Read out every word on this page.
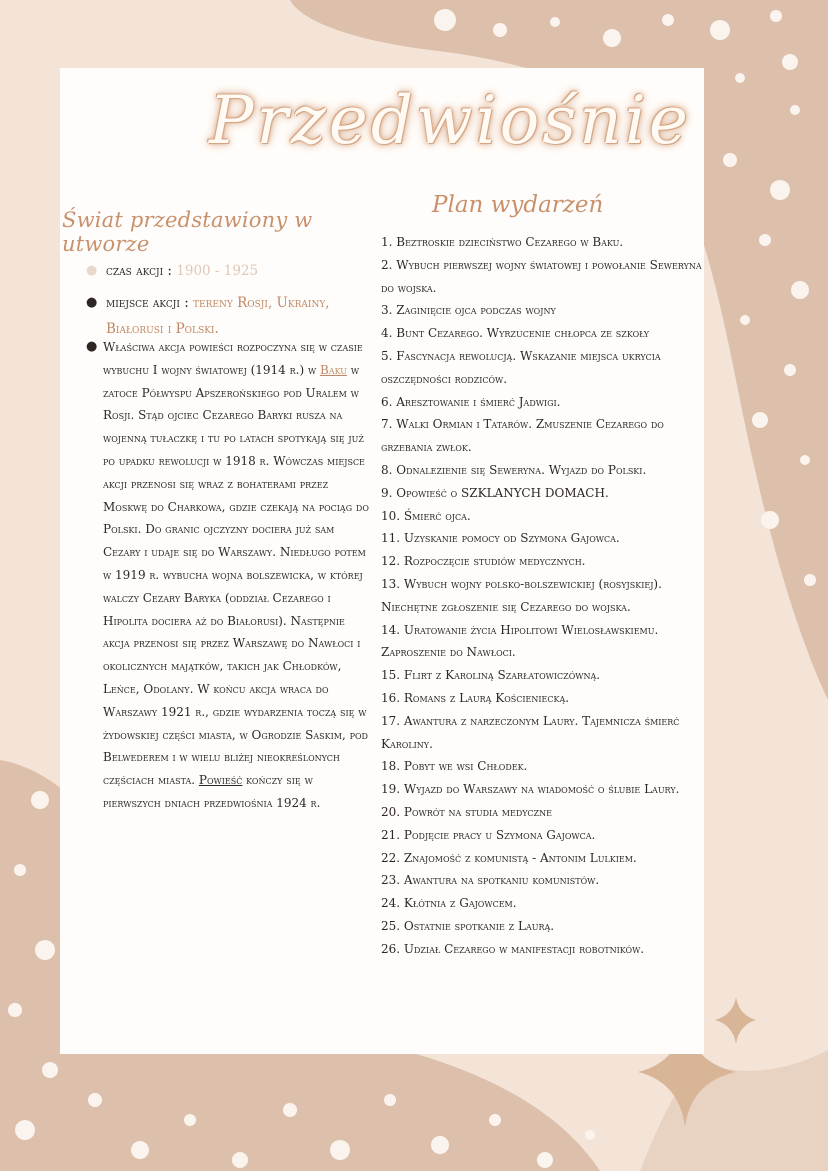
Przedwiośnie
Świat przedstawiony w utworze
Plan wydarzeń
● czas akcji : 1900 - 1925
● miejsce akcji : tereny Rosji, Ukrainy, Białorusi i Polski.
● Właściwa akcja powieści rozpoczyna się w czasie wybuchu I wojny światowej (1914 r.) w Baku w zatoce Półwyspu Apszerońskiego pod Uralem w Rosji. Stąd ojciec Cezarego Baryki rusza na wojenną tułaczkę i tu po latach spotykają się już po upadku rewolucji w 1918 r. Wówczas miejsce akcji przenosi się wraz z bohaterami przez Moskwę do Charkowa, gdzie czekają na pociąg do Polski. Do granic ojczyzny dociera już sam Cezary i udaje się do Warszawy. Niedługo potem w 1919 r. wybucha wojna bolszewicka, w której walczy Cezary Baryka (oddział Cezarego i Hipolita dociera aż do Białorusi). Następnie akcja przenosi się przez Warszawę do Nawłoci i okolicznych majątków, takich jak Chłodków, Leńce, Odolany. W końcu akcja wraca do Warszawy 1921 r., gdzie wydarzenia toczą się w żydowskiej części miasta, w Ogrodzie Saskim, pod Belwederem i w wielu bliżej nieokreślonych częściach miasta. Powieść kończy się w pierwszych dniach przedwiośnia 1924 r.
1. Beztroskie dzieciństwo Cezarego w Baku.
2. Wybuch pierwszej wojny światowej i powołanie Seweryna do wojska.
3. Zaginięcie ojca podczas wojny
4. Bunt Cezarego. Wyrzucenie chłopca ze szkoły
5. Fascynacja rewolucją. Wskazanie miejsca ukrycia oszczędności rodziców.
6. Aresztowanie i śmierć Jadwigi.
7. Walki Ormian i Tatarów. Zmuszenie Cezarego do grzebania zwłok.
8. Odnalezienie się Seweryna. Wyjazd do Polski.
9. Opowieść o SZKLANYCH DOMACH.
10. Śmierć ojca.
11. Uzyskanie pomocy od Szymona Gajowca.
12. Rozpoczęcie studiów medycznych.
13. Wybuch wojny polsko-bolszewickiej (rosyjskiej). Niechętne zgłoszenie się Cezarego do wojska.
14. Uratowanie życia Hipolitowi Wielosławskiemu. Zaproszenie do Nawłoci.
15. Flirt z Karoliną Szarłatowiczówną.
16. Romans z Laurą Kościeniecką.
17. Awantura z narzeczonym Laury. Tajemnicza śmierć Karoliny.
18. Pobyt we wsi Chłodek.
19. Wyjazd do Warszawy na wiadomość o ślubie Laury.
20. Powrót na studia medyczne
21. Podjęcie pracy u Szymona Gajowca.
22. Znajomość z komunistą - Antonim Lulkiem.
23. Awantura na spotkaniu komunistów.
24. Kłótnia z Gajowcem.
25. Ostatnie spotkanie z Laurą.
26. Udział Cezarego w manifestacji robotników.
